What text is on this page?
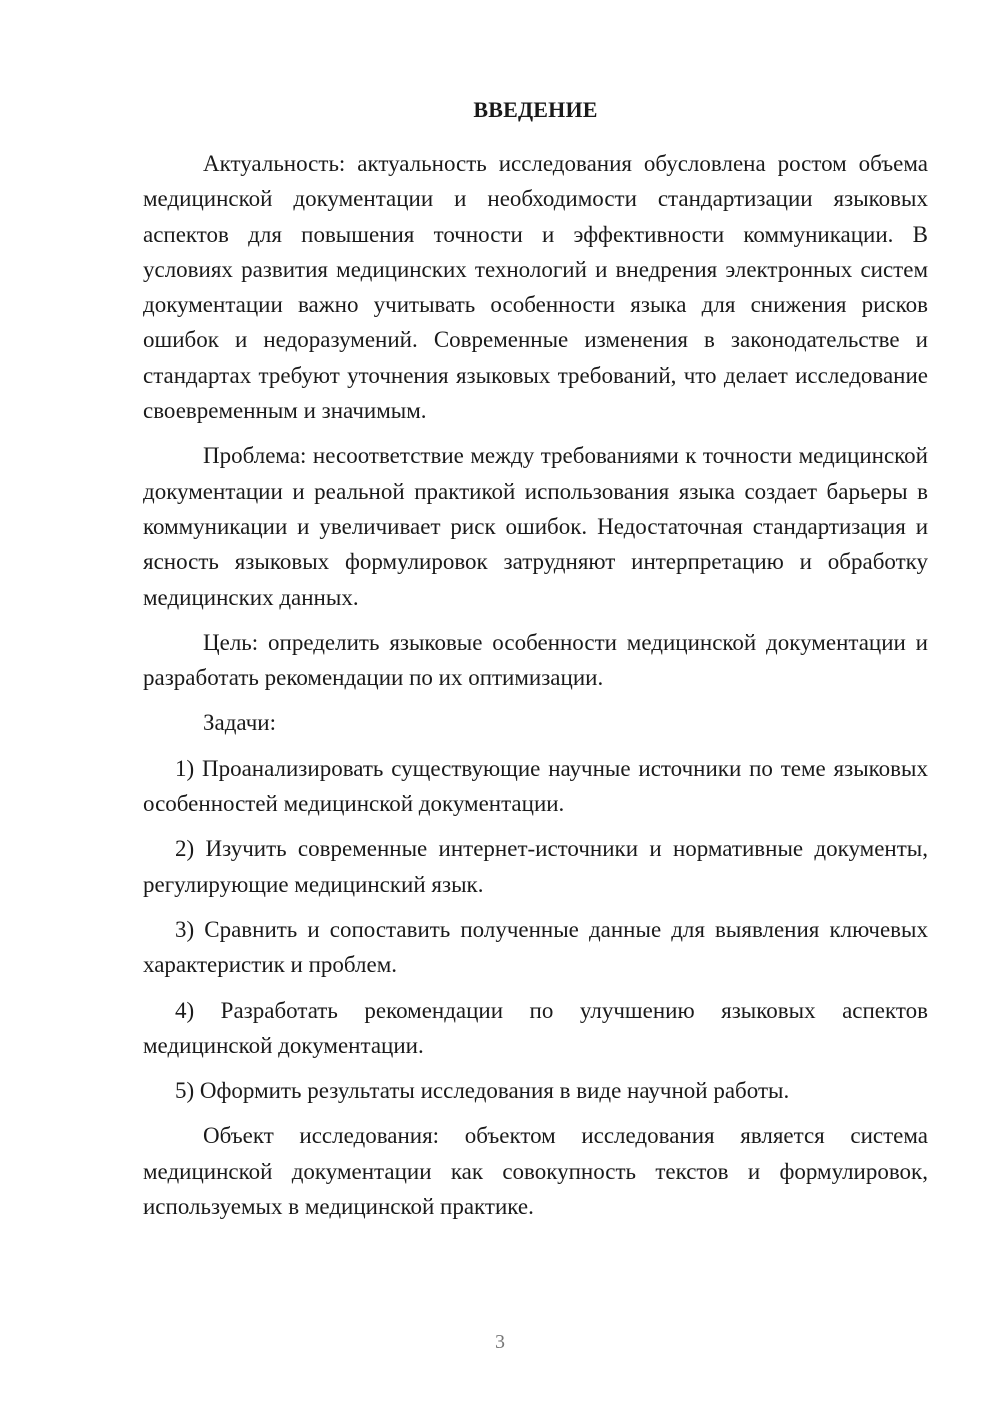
ВВЕДЕНИЕ

Актуальность: актуальность исследования обусловлена ростом объема медицинской документации и необходимости стандартизации языковых аспектов для повышения точности и эффективности коммуникации. В условиях развития медицинских технологий и внедрения электронных систем документации важно учитывать особенности языка для снижения рисков ошибок и недоразумений. Современные изменения в законодательстве и стандартах требуют уточнения языковых требований, что делает исследование своевременным и значимым.

Проблема: несоответствие между требованиями к точности медицинской документации и реальной практикой использования языка создает барьеры в коммуникации и увеличивает риск ошибок. Недостаточная стандартизация и ясность языковых формулировок затрудняют интерпретацию и обработку медицинских данных.

Цель: определить языковые особенности медицинской документации и разработать рекомендации по их оптимизации.

Задачи:

1) Проанализировать существующие научные источники по теме языковых особенностей медицинской документации.

2) Изучить современные интернет-источники и нормативные документы, регулирующие медицинский язык.

3) Сравнить и сопоставить полученные данные для выявления ключевых характеристик и проблем.

4) Разработать рекомендации по улучшению языковых аспектов медицинской документации.

5) Оформить результаты исследования в виде научной работы.

Объект исследования: объектом исследования является система медицинской документации как совокупность текстов и формулировок, используемых в медицинской практике.

3
